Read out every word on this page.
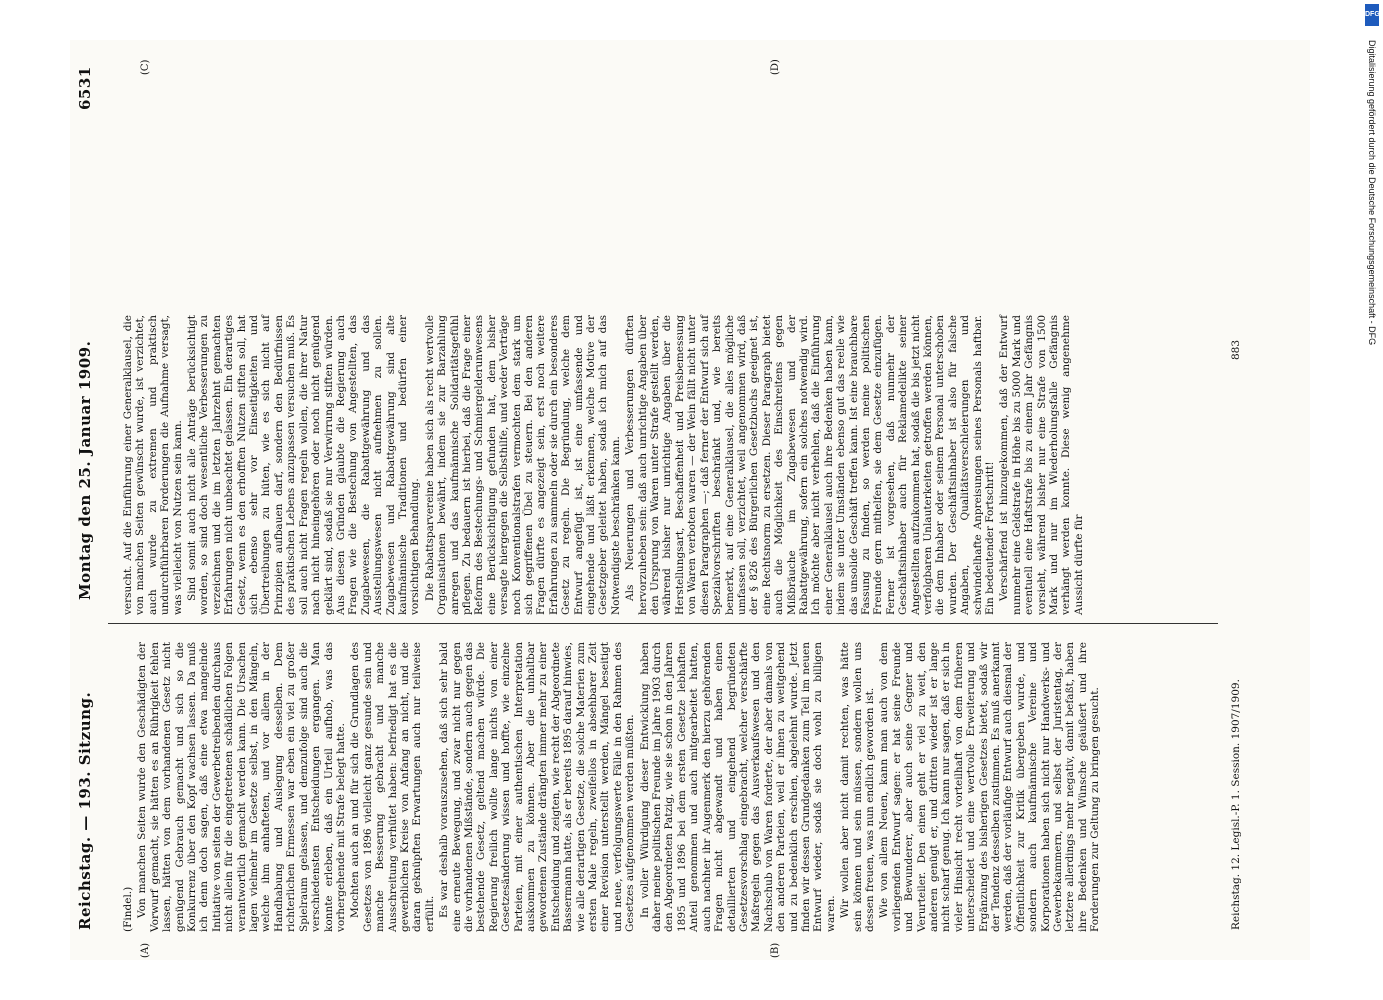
Reichstag. — 193. Sitzung.
Montag den 25. Januar 1909.
6531
(A)	(B)
(C)	(D)

(Findel.) Von manchen Seiten wurde den Geschädigten der Vorwurf gemacht, sie hätten es an Rührigkeit fehlen lassen, hätten von dem vorhandenen Gesetz nicht genügend Gebrauch gemacht und sich so die Konkurrenz über den Kopf wachsen lassen. Da muß ich denn doch sagen, daß eine etwa mangelnde Initiative von seiten der Gewerbetreibenden durchaus nicht allein für die eingetretenen schädlichen Folgen verantwortlich gemacht werden kann. Die Ursachen lagen vielmehr im Gesetze selbst, in den Mängeln, welche ihm anhafteten, und vor allem in der Handhabung und Auslegung desselben. Dem richterlichen Ermessen war eben ein viel zu großer Spielraum gelassen, und demzufolge sind auch die verschiedensten Entscheidungen ergangen. Man konnte erleben, daß ein Urteil aufhob, was das vorhergehende mit Strafe belegt hatte. Mochten auch an und für sich die Grundlagen des Gesetzes von 1896 vielleicht ganz gesunde sein und manche Besserung gebracht und manche Ausschreitung verhütet haben: befriedigt hat es die gewerblichen Kreise von Anfang an nicht, und die daran geknüpften Erwartungen auch nur teilweise erfüllt. Es war deshalb vorauszusehen, daß sich sehr bald eine erneute Bewegung, und zwar nicht nur gegen die vorhandenen Mißstände, sondern auch gegen das bestehende Gesetz, geltend machen würde. Die Regierung freilich wollte lange nichts von einer Gesetzesänderung wissen und hoffte, wie einzelne Parteien, mit einer authentischen Interpretation auskommen zu können. Aber die unhaltbar gewordenen Zustände drängten immer mehr zu einer Entscheidung und zeigten, wie recht der Abgeordnete Bassermann hatte, als er bereits 1895 darauf hinwies, wie alle derartigen Gesetze, die solche Materien zum ersten Male regeln, zweifellos in absehbarer Zeit einer Revision unterstellt werden, Mängel beseitigt und neue, verfolgungswerte Fälle in den Rahmen des Gesetzes aufgenommen werden müßten. In voller Würdigung dieser Entwicklung haben daher meine politischen Freunde im Jahre 1903 durch den Abgeordneten Patzig, wie sie schon in den Jahren 1895 und 1896 bei dem ersten Gesetze lebhaften Anteil genommen und auch mitgearbeitet hatten, auch nachher ihr Augenmerk den hierzu gehörenden Fragen nicht abgewandt und haben einen detaillierten und eingehend begründeten Gesetzesvorschlag eingebracht, welcher verschärfte Maßregeln gegen das Ausverkaufswesen und den Nachschub von Waren forderte, der aber damals von den anderen Parteien, weil er ihnen zu weitgehend und zu bedenklich erschien, abgelehnt wurde. Jetzt finden wir dessen Grundgedanken zum Teil im neuen Entwurf wieder, sodaß sie doch wohl zu billigen waren. Wir wollen aber nicht damit rechten, was hätte sein können und sein müssen, sondern wollen uns dessen freuen, was nun endlich geworden ist. Wie von allem Neuen, kann man auch von dem vorliegenden Entwurf sagen: er hat seine Freunde und Bewunderer, aber auch seine Gegner und Verurteiler. Den einen geht er viel zu weit, den anderen genügt er, und dritten wieder ist er lange nicht scharf genug. Ich kann nur sagen, daß er sich in vieler Hinsicht recht vorteilhaft von dem früheren unterscheidet und eine wertvolle Erweiterung und Ergänzung des bisherigen Gesetzes bietet, sodaß wir der Tendenz desselben zustimmen. Es muß anerkannt werden, daß der vorläufige Entwurf auch diesmal der Öffentlichkeit zur Kritik übergeben wurde, und sondern auch kaufmännische Vereine und Korporationen haben sich nicht nur Handwerks- und Gewerbekammern, und selbst der Juristentag, der letztere allerdings mehr negativ, damit befaßt, haben ihre Bedenken und Wünsche geäußert und ihre Forderungen zur Geltung zu bringen gesucht.

versucht. Auf die Einführung einer Generalklausel, die von manchen Seiten gewünscht wurde, ist verzichtet, auch wurde zu extremen und praktisch undurchführbaren Forderungen die Aufnahme versagt, was vielleicht von Nutzen sein kann. Sind somit auch nicht alle Anträge berücksichtigt worden, so sind doch wesentliche Verbesserungen zu verzeichnen und die im letzten Jahrzehnt gemachten Erfahrungen nicht unbeachtet gelassen. Ein derartiges Gesetz, wenn es den erhofften Nutzen stiften soll, hat sich ebenso sehr vor Einseitigkeiten und Übertreibungen zu hüten, wie es sich nicht auf Prinzipien aufbauen darf, sondern den Bedürfnissen des praktischen Lebens anzupassen versuchen muß. Es soll auch nicht Fragen regeln wollen, die ihrer Natur nach nicht hineingehören oder noch nicht genügend geklärt sind, sodaß sie nur Verwirrung stiften würden. Aus diesen Gründen glaubte die Regierung auch Fragen wie die Bestechung von Angestellten, das Zugabewesen, die Rabattgewährung und das Ausstellungswesen nicht aufnehmen zu sollen. Zugabewesen und Rabattgewährung sind alte kaufmännische Traditionen und bedürfen einer vorsichtigen Behandlung. Die Rabattsparvereine haben sich als recht wertvolle Organisationen bewährt, indem sie zur Barzahlung anregen und das kaufmännische Solidaritätsgefühl pflegen. Zu bedauern ist hierbei, daß die Frage einer Reform des Bestechungs- und Schmiergelderunwesens eine Berücksichtigung gefunden hat, dem bisher versagte hiergegen die Selbsthilfe, und weder Verträge noch Konventionalstrafen vermochten dem stark um sich gegriffenen Übel zu steuern. Bei den anderen Fragen dürfte es angezeigt sein, erst noch weitere Erfahrungen zu sammeln oder sie durch ein besonderes Gesetz zu regeln. Die Begründung, welche dem Entwurf angefügt ist, ist eine umfassende und eingehende und läßt erkennen, welche Motive der Gesetzgeber geleitet haben, sodaß ich mich auf das Notwendigste beschränken kann. Als Neuerungen und Verbesserungen dürften hervorzuheben sein: daß auch unrichtige Angaben über den Ursprung von Waren unter Strafe gestellt werden, während bisher nur unrichtige Angaben über die Herstellungsart, Beschaffenheit und Preisbemessung von Waren verboten waren — der Wein fällt nicht unter diesen Paragraphen —; daß ferner der Entwurf sich auf Spezialvorschriften beschränkt und, wie bereits bemerkt, auf eine Generalklausel, die alles mögliche umfassen soll, verzichtet, weil angenommen wird, daß der § 826 des Bürgerlichen Gesetzbuchs geeignet ist, eine Rechtsnorm zu ersetzen. Dieser Paragraph bietet auch die Möglichkeit des Einschreitens gegen Mißbräuche im Zugabewesen und der Rabattgewährung, sofern ein solches notwendig wird. Ich möchte aber nicht verhehlen, daß die Einführung einer Generalklausel auch ihre Bedenken haben kann, indem sie unter Umständen ebenso gut das reelle wie das unsolide Geschäft treffen kann. Ist eine brauchbare Fassung zu finden, so werden meine politischen Freunde gern mithelfen, sie dem Gesetze einzufügen. Ferner ist vorgesehen, daß nunmehr der Geschäftsinhaber auch für Reklamedelikte seiner Angestellten aufzukommen hat, sodaß die bis jetzt nicht verfolgbaren Unlauterkeiten getroffen werden können, die dem Inhaber oder seinem Personal unterschoben wurden. Der Geschäftsinhaber ist also für falsche Angaben, Qualitätsverschleierungen und schwindelhafte Anpreisungen seines Personals haftbar. Ein bedeutender Fortschritt! Verschärfend ist hinzugekommen, daß der Entwurf nunmehr eine Geldstrafe in Höhe bis zu 5000 Mark und eventuell eine Haftstrafe bis zu einem Jahr Gefängnis vorsieht, während bisher nur eine Strafe von 1500 Mark und nur im Wiederholungsfalle Gefängnis verhängt werden konnte. Diese wenig angenehme Aussicht dürfte für

Reichstag. 12. Legisl.-P. 1. Session. 1907/1909.
883
DFG
Digitalisierung gefördert durch die Deutsche Forschungsgemeinschaft - DFG
